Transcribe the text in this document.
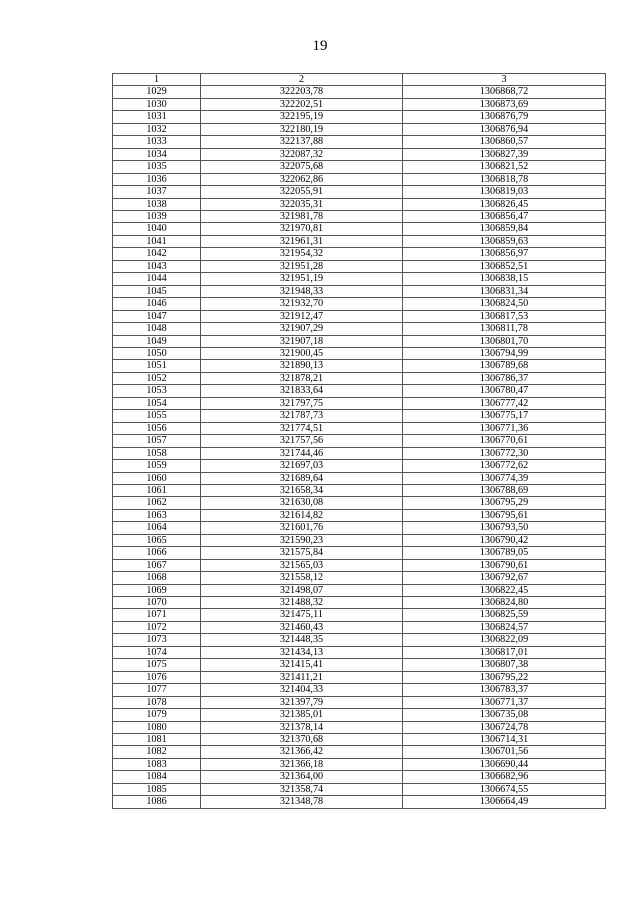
19
1	2	3
1029	322203,78	1306868,72
1030	322202,51	1306873,69
1031	322195,19	1306876,79
1032	322180,19	1306876,94
1033	322137,88	1306860,57
1034	322087,32	1306827,39
1035	322075,68	1306821,52
1036	322062,86	1306818,78
1037	322055,91	1306819,03
1038	322035,31	1306826,45
1039	321981,78	1306856,47
1040	321970,81	1306859,84
1041	321961,31	1306859,63
1042	321954,32	1306856,97
1043	321951,28	1306852,51
1044	321951,19	1306838,15
1045	321948,33	1306831,34
1046	321932,70	1306824,50
1047	321912,47	1306817,53
1048	321907,29	1306811,78
1049	321907,18	1306801,70
1050	321900,45	1306794,99
1051	321890,13	1306789,68
1052	321878,21	1306786,37
1053	321833,64	1306780,47
1054	321797,75	1306777,42
1055	321787,73	1306775,17
1056	321774,51	1306771,36
1057	321757,56	1306770,61
1058	321744,46	1306772,30
1059	321697,03	1306772,62
1060	321689,64	1306774,39
1061	321658,34	1306788,69
1062	321630,08	1306795,29
1063	321614,82	1306795,61
1064	321601,76	1306793,50
1065	321590,23	1306790,42
1066	321575,84	1306789,05
1067	321565,03	1306790,61
1068	321558,12	1306792,67
1069	321498,07	1306822,45
1070	321488,32	1306824,80
1071	321475,11	1306825,59
1072	321460,43	1306824,57
1073	321448,35	1306822,09
1074	321434,13	1306817,01
1075	321415,41	1306807,38
1076	321411,21	1306795,22
1077	321404,33	1306783,37
1078	321397,79	1306771,37
1079	321385,01	1306735,08
1080	321378,14	1306724,78
1081	321370,68	1306714,31
1082	321366,42	1306701,56
1083	321366,18	1306690,44
1084	321364,00	1306682,96
1085	321358,74	1306674,55
1086	321348,78	1306664,49
